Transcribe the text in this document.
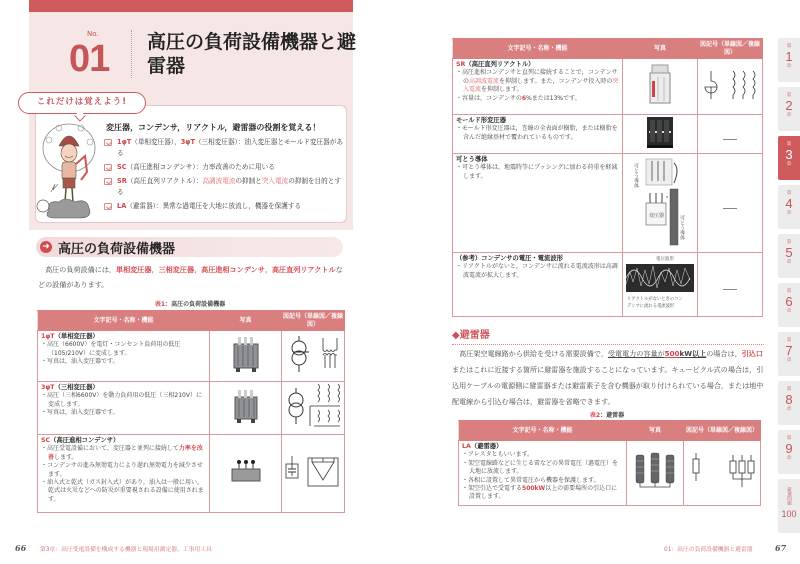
No.
01 高圧の負荷設備機器と避雷器
これだけは覚えよう!
変圧器，コンデンサ，リアクトル，避雷器の役割を覚える！
1φT（単相変圧器），3φT（三相変圧器）：油入変圧器とモールド変圧器がある
SC（高圧進相コンデンサ）：力率改善のために用いる
SR（高圧直列リアクトル）：高調波電流の抑制と突入電流の抑制を目的とする
LA（避雷器）：異常な過電圧を大地に放流し，機器を保護する
➜ 高圧の負荷設備機器

高圧の負荷設備には，単相変圧器，三相変圧器，高圧進相コンデンサ，高圧直列リアクトルなどの設備があります。

表1：高圧の負荷設備機器
文字記号・名称・機能	写真	図記号（単線図／複線図）

1φT（単相変圧器）
・ 高圧（6600V）を電灯・コンセント負荷用の低圧（105/210V）に変成します。
・ 写真は，油入変圧器です。

3φT（三相変圧器）
・ 高圧（三相6600V）を動力負荷用の低圧（三相210V）に変成します。
・ 写真は，油入変圧器です。

SC（高圧進相コンデンサ）
・ 高圧受電設備において，変圧器と並列に接続して力率を改善します。
・ コンデンサの進み無効電力により遅れ無効電力を減少させます。
・ 油入式と乾式（ガス封入式）があり，油入は一般に用い，乾式は火災などへの防災が重要視される設備に使用されます。

66 第3章：高圧受電設備を構成する機器と現場用測定器，工事用工具
文字記号・名称・機能	写真	図記号（単線図／複線図）

SR（高圧直列リアクトル）
・ 高圧進相コンデンサと直列に接続することで，コンデンサの高調波電流を抑制します。また，コンデンサ投入時の突入電流を抑制します。
・ 容量は，コンデンサの6%または13%です。

モールド形変圧器
・ モールド形変圧器は，巻線の全表面が樹脂，または樹脂を含んだ絶縁基材で覆われているものです。

可とう導体
・ 可とう導体は，地震時等にブッシングに加わる荷重を軽減します。	可とう導体
変圧器	可とう導体

（参考）コンデンサの電圧・電流波形
・ リアクトルがないと，コンデンサに流れる電流波形は高調波電流が拡大します。

電圧波形
リアクトルがないときのコン
デンサに流れる電流波形

◆避雷器

高圧架空電線路から供給を受ける需要設備で，受電電力の容量が500kW以上の場合は，引込口またはこれに近接する箇所に避雷器を施設することになっています。キュービクル式の場合は，引込用ケーブルの電源側に避雷器または避雷素子を含む機器が取り付けられている場合，または地中配電線から引込む場合は，避雷器を省略できます。

表2：避雷器
文字記号・名称・機能	写真	図記号（単線図／複線図）

LA（避雷器）
・ アレスタともいいます。
・ 架空電線路などに生じる雷などの異常電圧（過電圧）を大地に放流します。
・ 各相に設置して異常電圧から機器を保護します。
・ 架空引込で受電する500kW以上の需要場所の引込口に設置します。

01：高圧の負荷設備機器と避雷器	67
第
1
章
第
2
章
第
3
章
第
4
章
第
5
章
第
6
章
第
7
章
第
8
章
第
9
章
厳選問題
100
